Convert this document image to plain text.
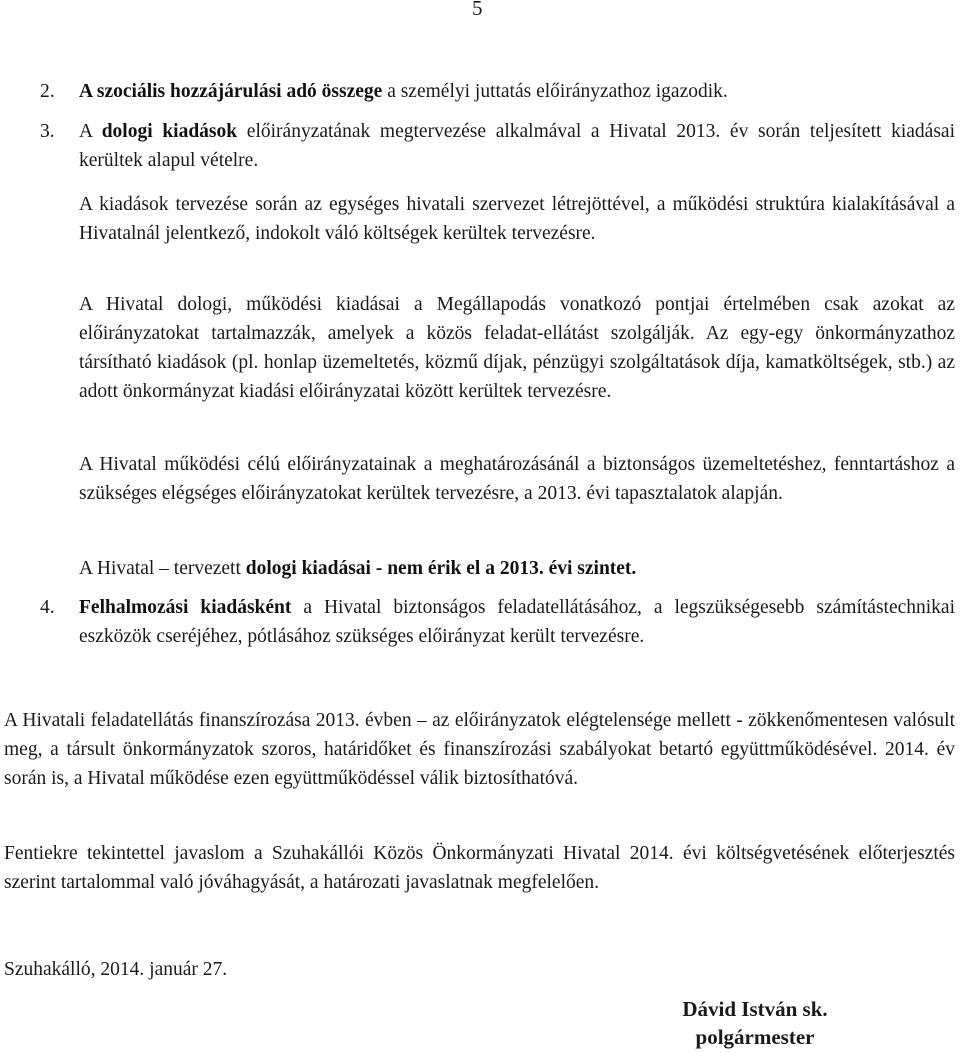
5
2. A szociális hozzájárulási adó összege a személyi juttatás előirányzathoz igazodik.
3. A dologi kiadások előirányzatának megtervezése alkalmával a Hivatal 2013. év során teljesített kiadásai kerültek alapul vételre.
A kiadások tervezése során az egységes hivatali szervezet létrejöttével, a működési struktúra kialakításával a Hivatalnál jelentkező, indokolt váló költségek kerültek tervezésre.
A Hivatal dologi, működési kiadásai a Megállapodás vonatkozó pontjai értelmében csak azokat az előirányzatokat tartalmazzák, amelyek a közös feladat-ellátást szolgálják. Az egy-egy önkormányzathoz társítható kiadások (pl. honlap üzemeltetés, közmű díjak, pénzügyi szolgáltatások díja, kamatköltségek, stb.) az adott önkormányzat kiadási előirányzatai között kerültek tervezésre.
A Hivatal működési célú előirányzatainak a meghatározásánál a biztonságos üzemeltetéshez, fenntartáshoz a szükséges elégséges előirányzatokat kerültek tervezésre, a 2013. évi tapasztalatok alapján.
A Hivatal – tervezett dologi kiadásai - nem érik el a 2013. évi szintet.
4. Felhalmozási kiadásként a Hivatal biztonságos feladatellátásához, a legszükségesebb számítástechnikai eszközök cseréjéhez, pótlásához szükséges előirányzat került tervezésre.
A Hivatali feladatellátás finanszírozása 2013. évben – az előirányzatok elégtelensége mellett - zökkenőmentesen valósult meg, a társult önkormányzatok szoros, határidőket és finanszírozási szabályokat betartó együttműködésével. 2014. év során is, a Hivatal működése ezen együttműködéssel válik biztosíthatóvá.
Fentiekre tekintettel javaslom a Szuhakállói Közös Önkormányzati Hivatal 2014. évi költségvetésének előterjesztés szerint tartalommal való jóváhagyását, a határozati javaslatnak megfelelően.
Szuhakálló, 2014. január 27.
Dávid István sk.
polgármester
